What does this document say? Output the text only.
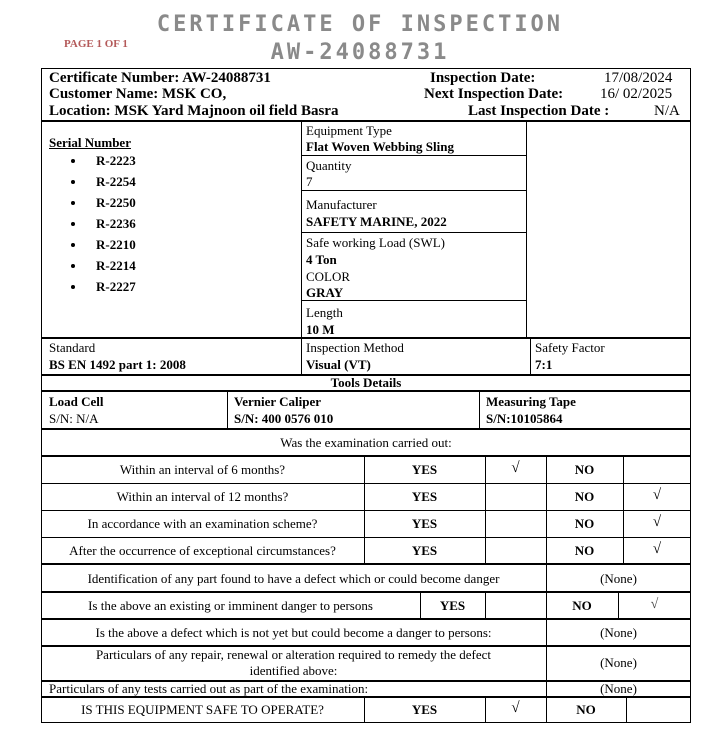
CERTIFICATE OF INSPECTION
AW-24088731
PAGE 1 OF 1
Certificate Number: AW-24088731
Customer Name: MSK CO,
Location: MSK Yard Majnoon oil field Basra
Inspection Date:	17/08/2024
Next Inspection Date: 16/ 02/2025
Last Inspection Date :	N/A
Serial Number
• R-2223
• R-2254
• R-2250
• R-2236
• R-2210
• R-2214
• R-2227
Equipment Type
Flat Woven Webbing Sling
Quantity
7
Manufacturer
SAFETY MARINE, 2022
Safe working Load (SWL)
4 Ton
COLOR
GRAY
Length
10 M
Standard
BS EN 1492 part 1: 2008
Inspection Method
Visual (VT)
Safety Factor
7:1
Tools Details
Load Cell
S/N: N/A
Vernier Caliper
S/N: 400 0576 010
Measuring Tape
S/N:10105864
Was the examination carried out:
Within an interval of 6 months?	YES	√	NO
Within an interval of 12 months?	YES	NO	√
In accordance with an examination scheme?	YES	NO	√
After the occurrence of exceptional circumstances?	YES	NO	√
Identification of any part found to have a defect which or could become danger	(None)
Is the above an existing or imminent danger to persons	YES	NO	√
Is the above a defect which is not yet but could become a danger to persons:	(None)
Particulars of any repair, renewal or alteration required to remedy the defect
identified above:
(None)
Particulars of any tests carried out as part of the examination:	(None)
IS THIS EQUIPMENT SAFE TO OPERATE?	YES	√	NO
